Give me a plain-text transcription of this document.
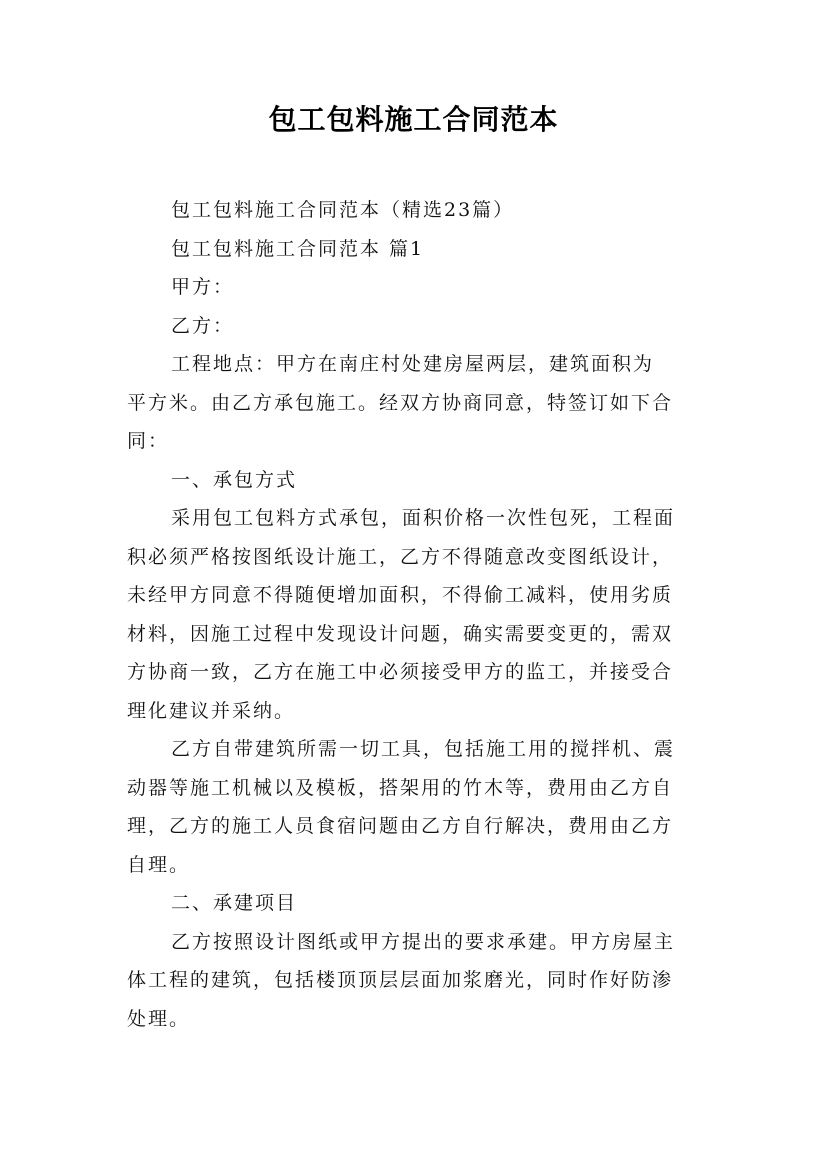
包工包料施工合同范本
包工包料施工合同范本（精选23篇）
包工包料施工合同范本 篇1
甲方：
乙方：
工程地点：甲方在南庄村处建房屋两层，建筑面积为
平方米。由乙方承包施工。经双方协商同意，特签订如下合
同：
一、承包方式
采用包工包料方式承包，面积价格一次性包死，工程面
积必须严格按图纸设计施工，乙方不得随意改变图纸设计，
未经甲方同意不得随便增加面积，不得偷工减料，使用劣质
材料，因施工过程中发现设计问题，确实需要变更的，需双
方协商一致，乙方在施工中必须接受甲方的监工，并接受合
理化建议并采纳。
乙方自带建筑所需一切工具，包括施工用的搅拌机、震
动器等施工机械以及模板，搭架用的竹木等，费用由乙方自
理，乙方的施工人员食宿问题由乙方自行解决，费用由乙方
自理。
二、承建项目
乙方按照设计图纸或甲方提出的要求承建。甲方房屋主
体工程的建筑，包括楼顶顶层层面加浆磨光，同时作好防渗
处理。
